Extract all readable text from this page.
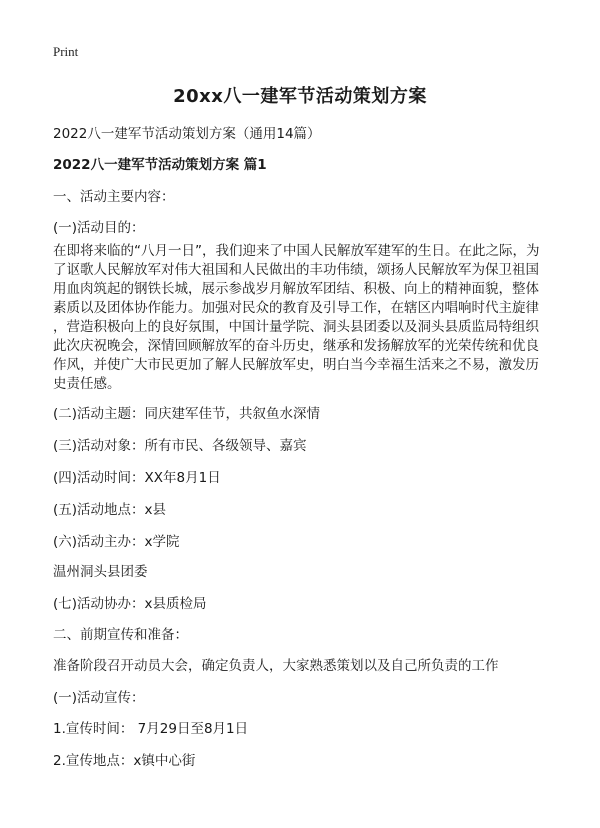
Print
20xx八一建军节活动策划方案
2022八一建军节活动策划方案（通用14篇）
2022八一建军节活动策划方案 篇1
一、活动主要内容：
(一)活动目的：
在即将来临的“八月一日”，我们迎来了中国人民解放军建军的生日。在此之际，为
了讴歌人民解放军对伟大祖国和人民做出的丰功伟绩，颂扬人民解放军为保卫祖国
用血肉筑起的钢铁长城，展示参战岁月解放军团结、积极、向上的精神面貌，整体
素质以及团体协作能力。加强对民众的教育及引导工作，在辖区内唱响时代主旋律
，营造积极向上的良好氛围，中国计量学院、洞头县团委以及洞头县质监局特组织
此次庆祝晚会，深情回顾解放军的奋斗历史，继承和发扬解放军的光荣传统和优良
作风，并使广大市民更加了解人民解放军史，明白当今幸福生活来之不易，激发历
史责任感。
(二)活动主题：同庆建军佳节，共叙鱼水深情
(三)活动对象：所有市民、各级领导、嘉宾
(四)活动时间：XX年8月1日
(五)活动地点：x县
(六)活动主办：x学院
温州洞头县团委
(七)活动协办：x县质检局
二、前期宣传和准备：
准备阶段召开动员大会，确定负责人，大家熟悉策划以及自己所负责的工作
(一)活动宣传：
1.宣传时间： 7月29日至8月1日
2.宣传地点：x镇中心街
